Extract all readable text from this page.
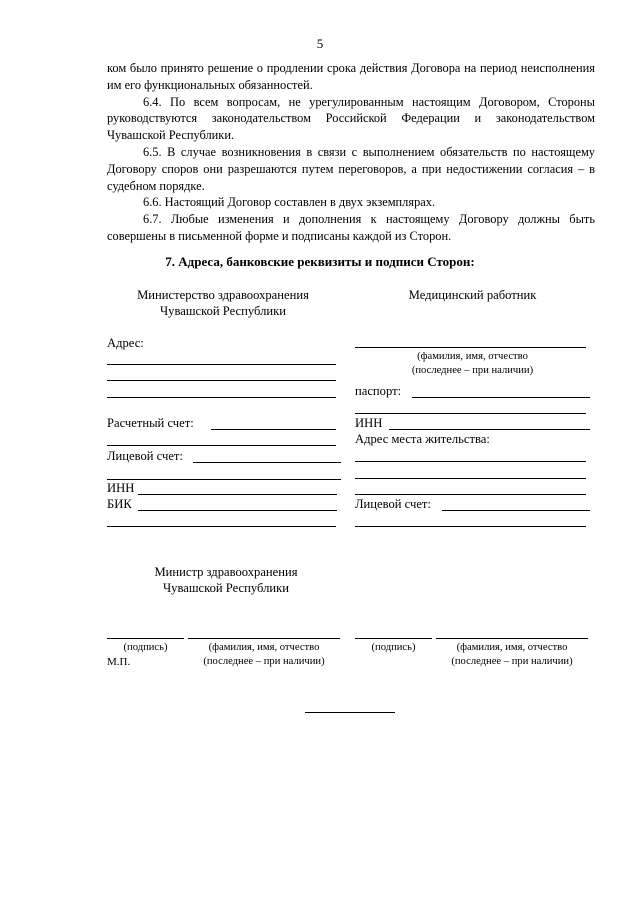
5

ком было принято решение о продлении срока действия Договора на период неисполнения им его функциональных обязанностей.

6.4. По всем вопросам, не урегулированным настоящим Договором, Стороны руководствуются законодательством Российской Федерации и законодательством Чувашской Республики.

6.5. В случае возникновения в связи с выполнением обязательств по настоящему Договору споров они разрешаются путем переговоров, а при недостижении согласия – в судебном порядке.

6.6. Настоящий Договор составлен в двух экземплярах.

6.7. Любые изменения и дополнения к настоящему Договору должны быть совершены в письменной форме и подписаны каждой из Сторон.

7. Адреса, банковские реквизиты и подписи Сторон:
Министерство здравоохранения
Чувашской Республики
Адрес:
Расчетный счет:
Лицевой счет:
ИНН
БИК
Министр здравоохранения
Чувашской Республики
(подпись)	(фамилия, имя, отчество
(последнее – при наличии)
М.П.
Медицинский работник
(фамилия, имя, отчество
(последнее – при наличии)
паспорт:
ИНН
Адрес места жительства:
Лицевой счет:
(подпись)	(фамилия, имя, отчество
(последнее – при наличии)
